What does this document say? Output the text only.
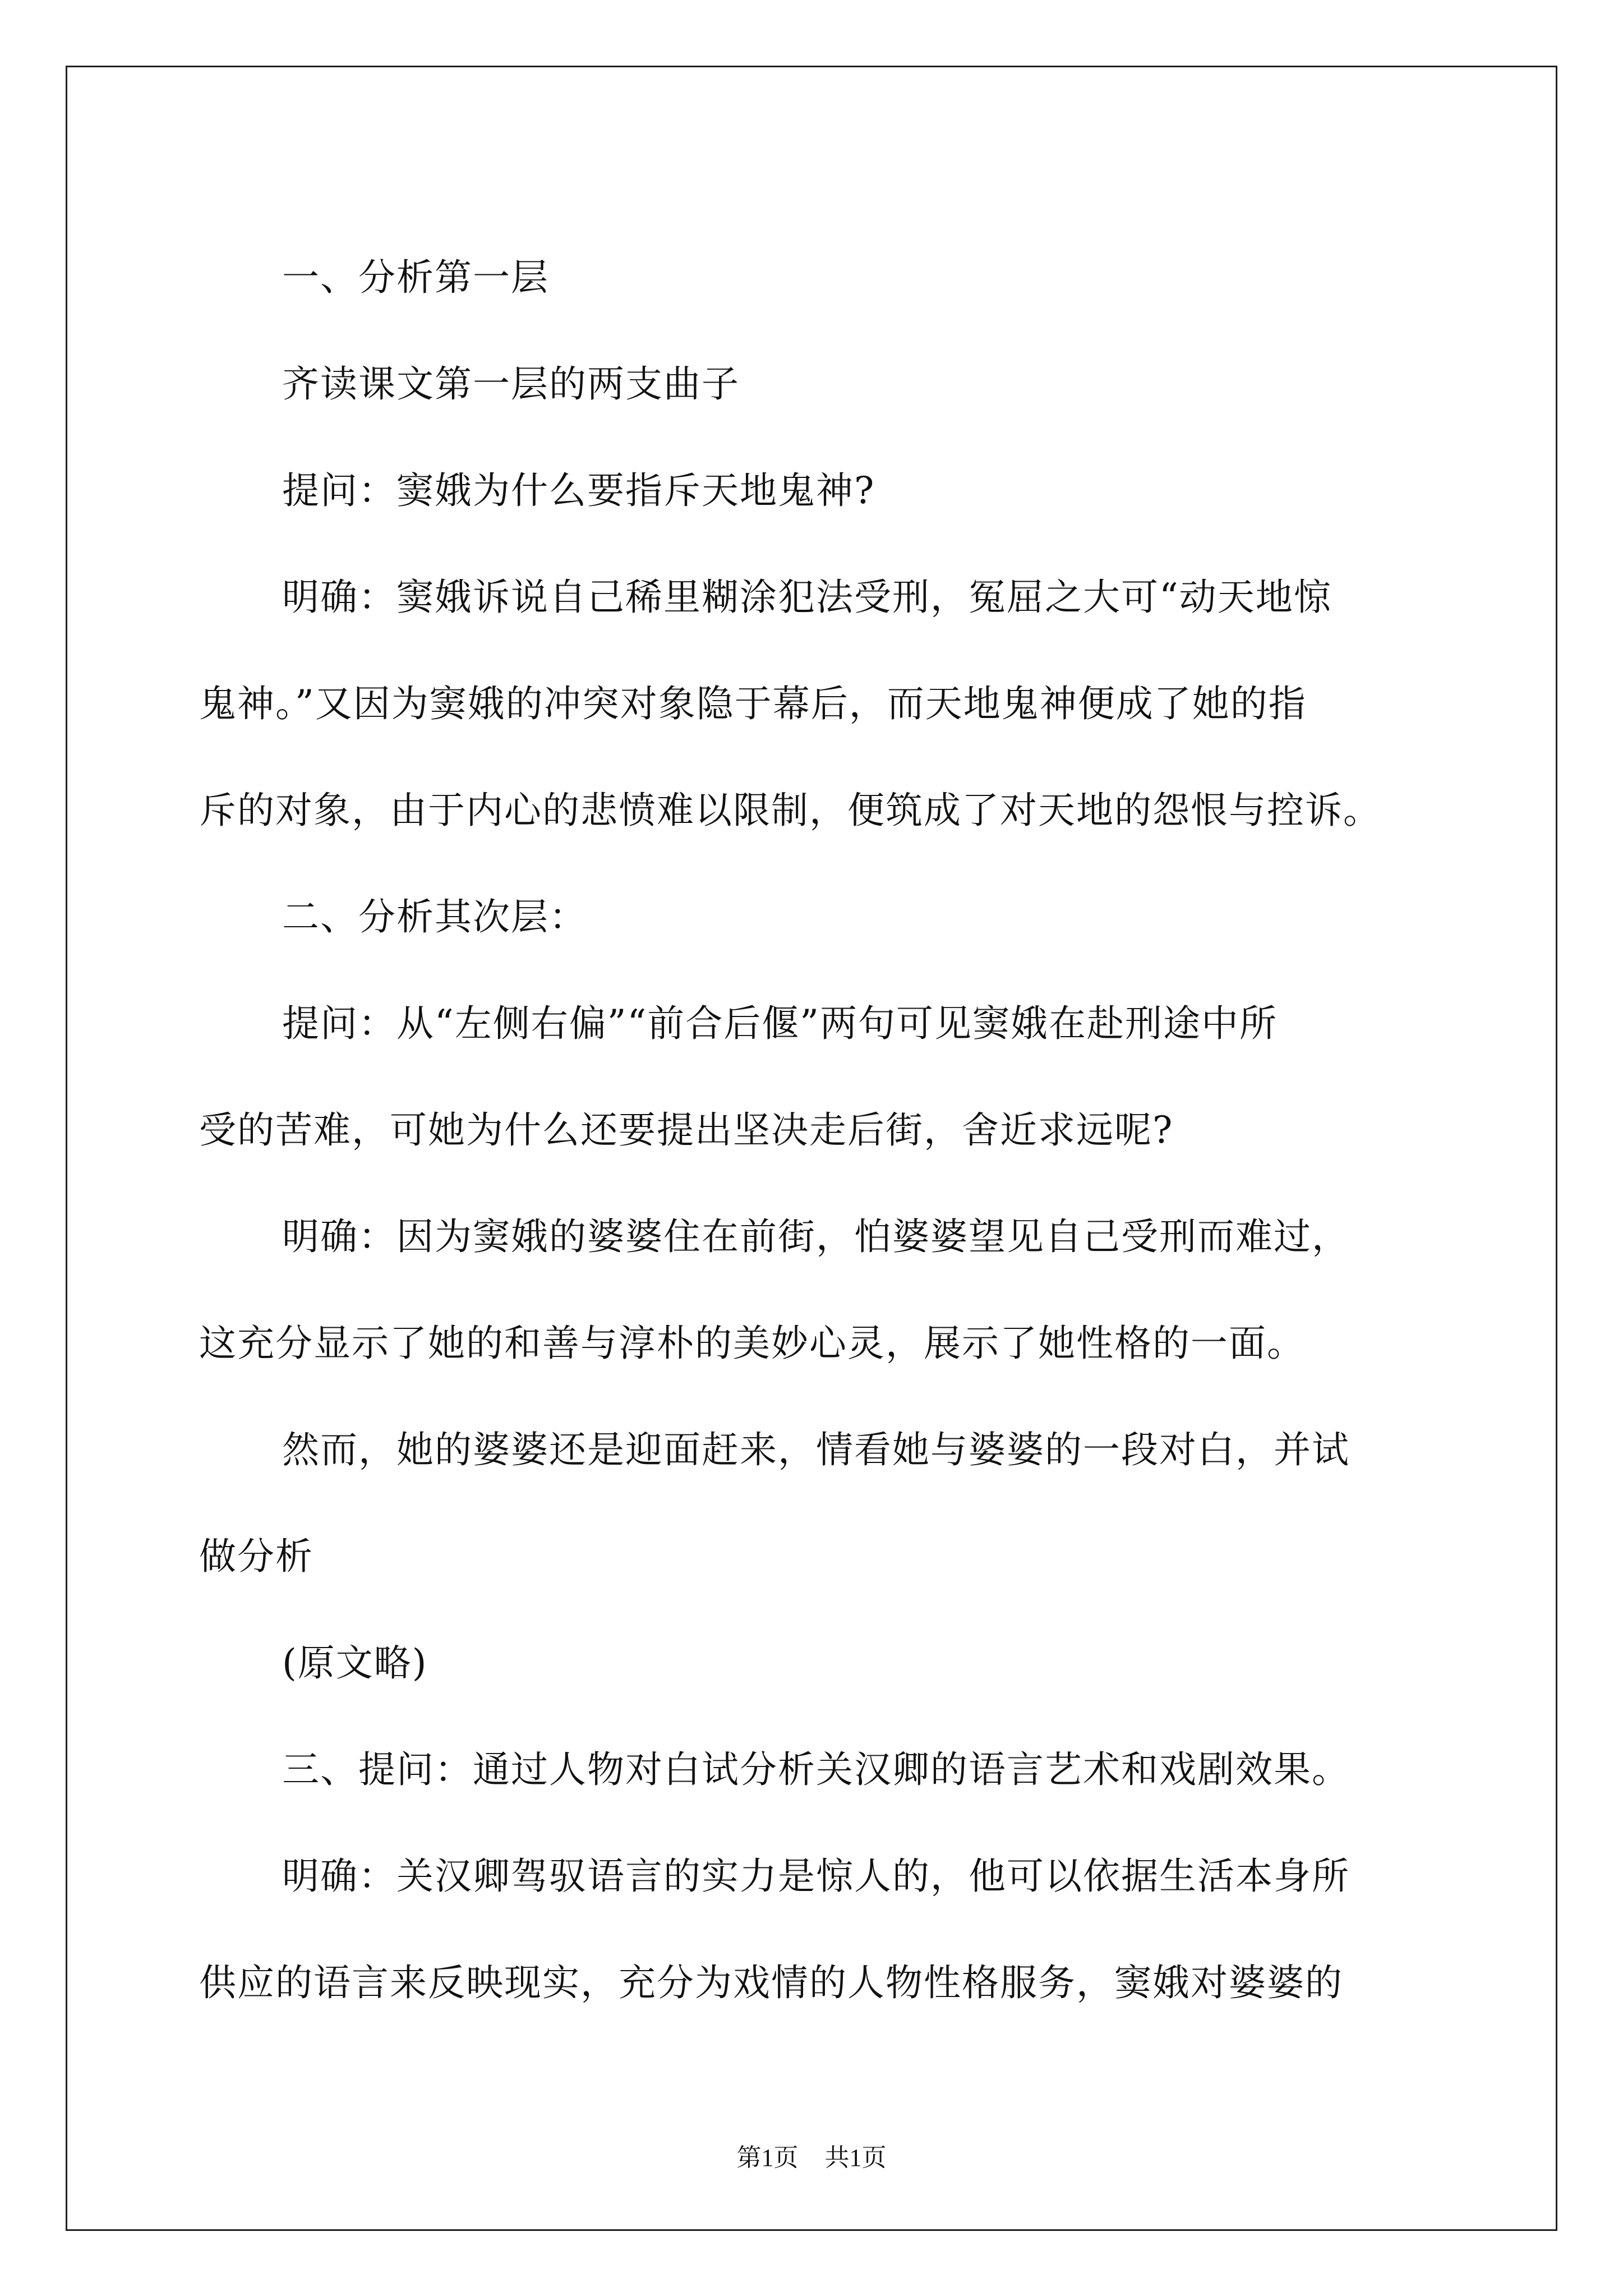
一、分析第一层

齐读课文第一层的两支曲子

提问：窦娥为什么要指斥天地鬼神?

明确：窦娥诉说自己稀里糊涂犯法受刑，冤屈之大可“动天地惊

鬼神。”又因为窦娥的冲突对象隐于幕后，而天地鬼神便成了她的指

斥的对象，由于内心的悲愤难以限制，便筑成了对天地的怨恨与控诉。

二、分析其次层：

提问：从“左侧右偏”“前合后偃”两句可见窦娥在赴刑途中所

受的苦难，可她为什么还要提出坚决走后街，舍近求远呢?

明确：因为窦娥的婆婆住在前街，怕婆婆望见自己受刑而难过，

这充分显示了她的和善与淳朴的美妙心灵，展示了她性格的一面。

然而，她的婆婆还是迎面赶来，情看她与婆婆的一段对白，并试

做分析

(原文略)

三、提问：通过人物对白试分析关汉卿的语言艺术和戏剧效果。

明确：关汉卿驾驭语言的实力是惊人的，他可以依据生活本身所

供应的语言来反映现实，充分为戏情的人物性格服务，窦娥对婆婆的

第1页 共1页
